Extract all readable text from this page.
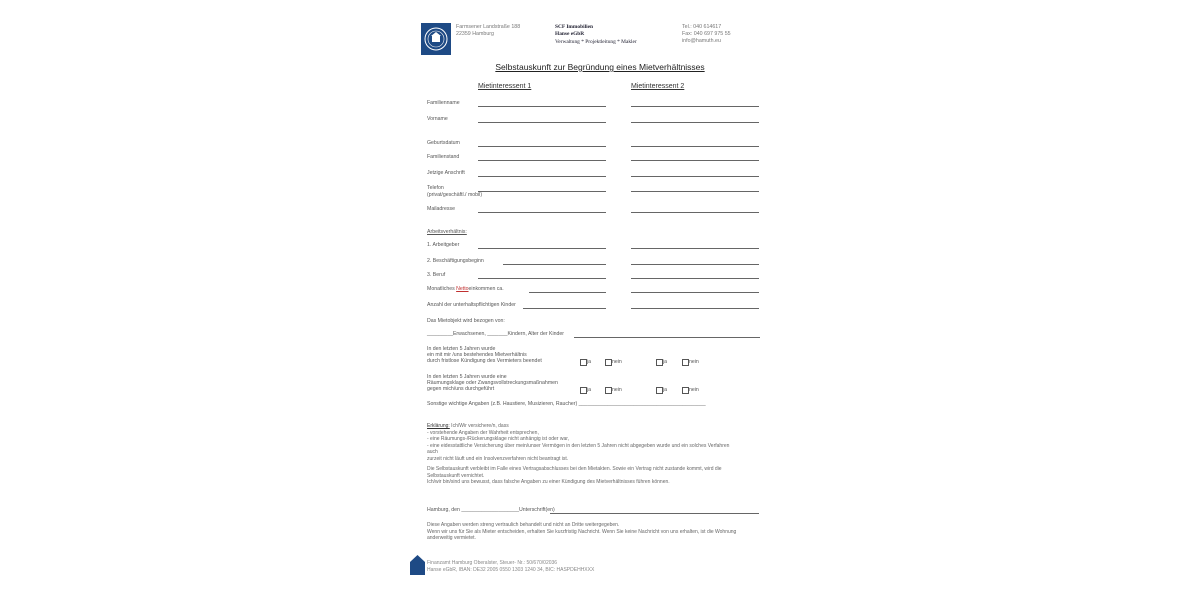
Farmsener Landstraße 188
22359 Hamburg
SCF Immobilien
Hanse eGbR
Verwaltung * Projektleitung * Makler
Tel.: 040 614617
Fax: 040 697 975 55
info@hamuth.eu
Selbstauskunft zur Begründung eines Mietverhältnisses
Mietinteressent 1	Mietinteressent 2
Familienname
Vorname
Geburtsdatum
Familienstand
Jetzige Anschrift
Telefon
(privat/geschäftl./ mobil)
Mailadresse
Arbeitsverhältnis:
1. Arbeitgeber
2. Beschäftigungsbeginn
3. Beruf
Monatliches Nettoeinkommen ca.
Anzahl der unterhaltspflichtigen Kinder
Das Mietobjekt wird bezogen von:
_________Erwachsenen, _______Kindern, Alter der Kinder
In den letzten 5 Jahren wurde
ein mit mir /uns bestehendes Mietverhältnis
durch fristlose Kündigung des Vermieters beendet	ja	nein	ja	nein
In den letzten 5 Jahren wurde eine
Räumungsklage oder Zwangsvollstreckungsmaßnahmen
gegen mich/uns durchgeführt	ja	nein	ja	nein
Sonstige wichtige Angaben (z.B. Haustiere, Musizieren, Raucher) ____________________________________________
Erklärung: Ich/Wir versichere/n, dass
- vorstehende Angaben der Wahrheit entsprechen,
- eine Räumungs-/Rückerungsklage nicht anhängig ist oder war,
- eine eidesstattliche Versicherung über mein/unser Vermögen in den letzten 5 Jahren nicht abgegeben wurde und ein solches Verfahren
auch
zurzeit nicht läuft und ein Insolvenzverfahren nicht beantragt ist.
Die Selbstauskunft verbleibt im Falle eines Vertragsabschlusses bei den Mietakten. Sowie ein Vertrag nicht zustande kommt, wird die
Selbstauskunft vernichtet.
Ich/wir bin/sind uns bewusst, dass falsche Angaben zu einer Kündigung des Mietverhältnisses führen können.
Hamburg, den ____________________Unterschrift(en)
Diese Angaben werden streng vertraulich behandelt und nicht an Dritte weitergegeben.
Wenn wir uns für Sie als Mieter entscheiden, erhalten Sie kurzfristig Nachricht. Wenn Sie keine Nachricht von uns erhalten, ist die Wohnung
anderweitig vermietet.
Finanzamt Hamburg Oberalster, Steuer- Nr.: 50/670/02036
Hanse eGbR, IBAN: DE32 2005 0550 1303 1240 34, BIC: HASPDEHHXXX
